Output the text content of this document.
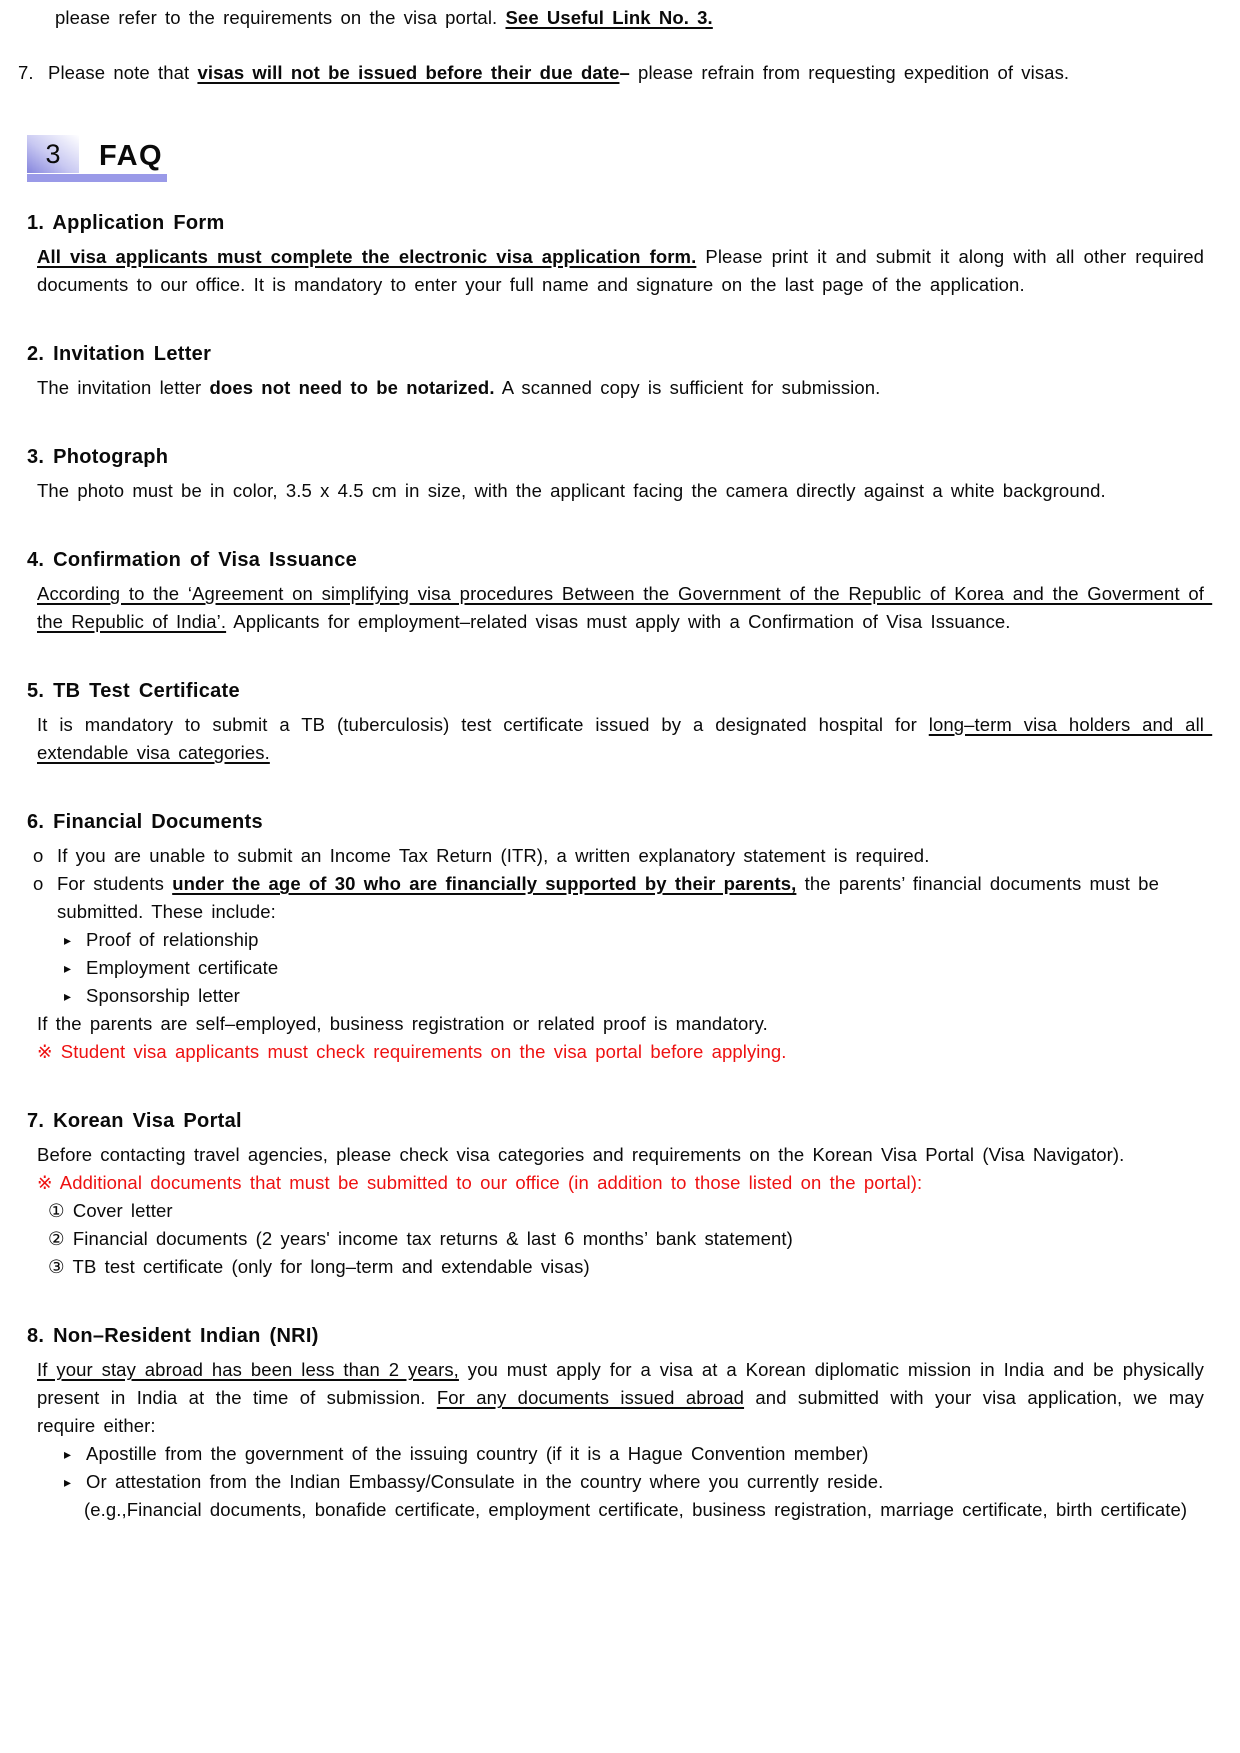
please refer to the requirements on the visa portal. See Useful Link No. 3.
7. Please note that visas will not be issued before their due date– please refrain from requesting expedition of visas.
3	FAQ
1. Application Form
All visa applicants must complete the electronic visa application form. Please print it and submit it along with all other required documents to our office. It is mandatory to enter your full name and signature on the last page of the application.
2. Invitation Letter
The invitation letter does not need to be notarized. A scanned copy is sufficient for submission.
3. Photograph
The photo must be in color, 3.5 x 4.5 cm in size, with the applicant facing the camera directly against a white background.
4. Confirmation of Visa Issuance
According to the ‘Agreement on simplifying visa procedures Between the Government of the Republic of Korea and the Goverment of the Republic of India’. Applicants for employment–related visas must apply with a Confirmation of Visa Issuance.
5. TB Test Certificate
It is mandatory to submit a TB (tuberculosis) test certificate issued by a designated hospital for long–term visa holders and all extendable visa categories.
6. Financial Documents
o If you are unable to submit an Income Tax Return (ITR), a written explanatory statement is required.
o For students under the age of 30 who are financially supported by their parents, the parents’ financial documents must be submitted. These include:
▸ Proof of relationship
▸ Employment certificate
▸ Sponsorship letter
If the parents are self–employed, business registration or related proof is mandatory.
※ Student visa applicants must check requirements on the visa portal before applying.
7. Korean Visa Portal
Before contacting travel agencies, please check visa categories and requirements on the Korean Visa Portal (Visa Navigator).
※ Additional documents that must be submitted to our office (in addition to those listed on the portal):
① Cover letter
② Financial documents (2 years' income tax returns & last 6 months’ bank statement)
③ TB test certificate (only for long–term and extendable visas)
8. Non–Resident Indian (NRI)
If your stay abroad has been less than 2 years, you must apply for a visa at a Korean diplomatic mission in India and be physically present in India at the time of submission. For any documents issued abroad and submitted with your visa application, we may require either:
▸ Apostille from the government of the issuing country (if it is a Hague Convention member)
▸ Or attestation from the Indian Embassy/Consulate in the country where you currently reside.
(e.g.,Financial documents, bonafide certificate, employment certificate, business registration, marriage certificate, birth certificate)
